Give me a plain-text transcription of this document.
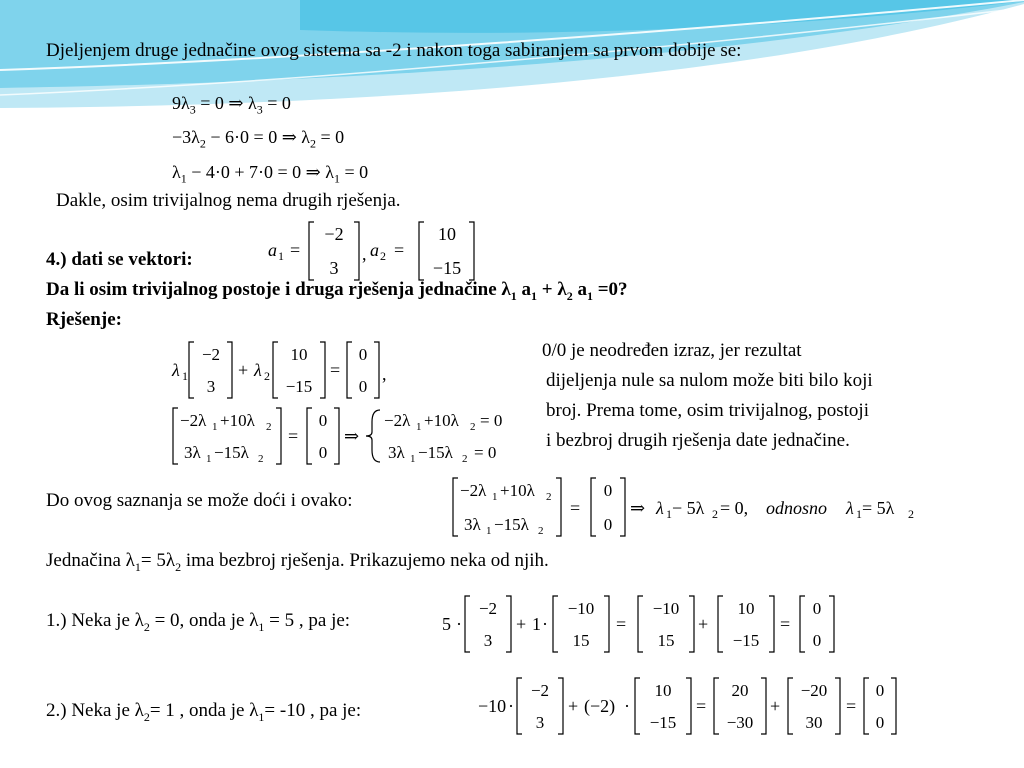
Djeljenjem druge jednačine ovog sistema sa -2 i nakon toga sabiranjem sa prvom dobije se:
$9\lambda_3 = 0$ ⇒ $\lambda_3 = 0$
$-3\lambda_2 - 6\cdot 0 = 0$ ⇒ $\lambda_2 = 0$
$\lambda_1 - 4\cdot 0 + 7\cdot 0 = 0$ ⇒ $\lambda_1 = 0$
Dakle, osim trivijalnog nema drugih rješenja.
4.) dati se vektori:	a 1 =
−2
3
, a 2 =
10
−15
Da li osim trivijalnog postoje i druga rješenja jednačine $\lambda_1$ $a_1 + \lambda_2$ $a_1 =0$?
Rješenje:
λ 1
−2
3
+ λ 2
10
−15
=
0
0
,
−2λ 1 +10λ 2
3λ 1 −15λ 2
=
0
0
⇒
−2λ 1 +10λ 2 = 0
3λ 1 −15λ 2 = 0
0/0 je neodređen izraz, jer rezultat
dijeljenja nule sa nulom može biti bilo koji
broj. Prema tome, osim trivijalnog, postoji
i bezbroj drugih rješenja date jednačine.
Do ovog saznanja se može doći i ovako:	−2λ 1 +10λ 2
3λ 1 −15λ 2
=
0
0
⇒ λ 1 − 5λ 2 = 0, odnosno λ 1 = 5λ 2
Jednačina $\lambda_1= 5\lambda_2$ ima bezbroj rješenja. Prikazujemo neka od njih.
1.) Neka je $\lambda_2 = 0$, onda je $\lambda_1 = 5$ , pa je:	5 ·
−2
3
+ 1 ·
−10
15
=
−10
15
+
10
−15
=
0
0
2.) Neka je $\lambda_2= 1$ , onda je $\lambda_1= -10$ , pa je:	−10 ·
−2
3
+ (−2) ·
10
−15
=
20
−30
+
−20
30
=
0
0
